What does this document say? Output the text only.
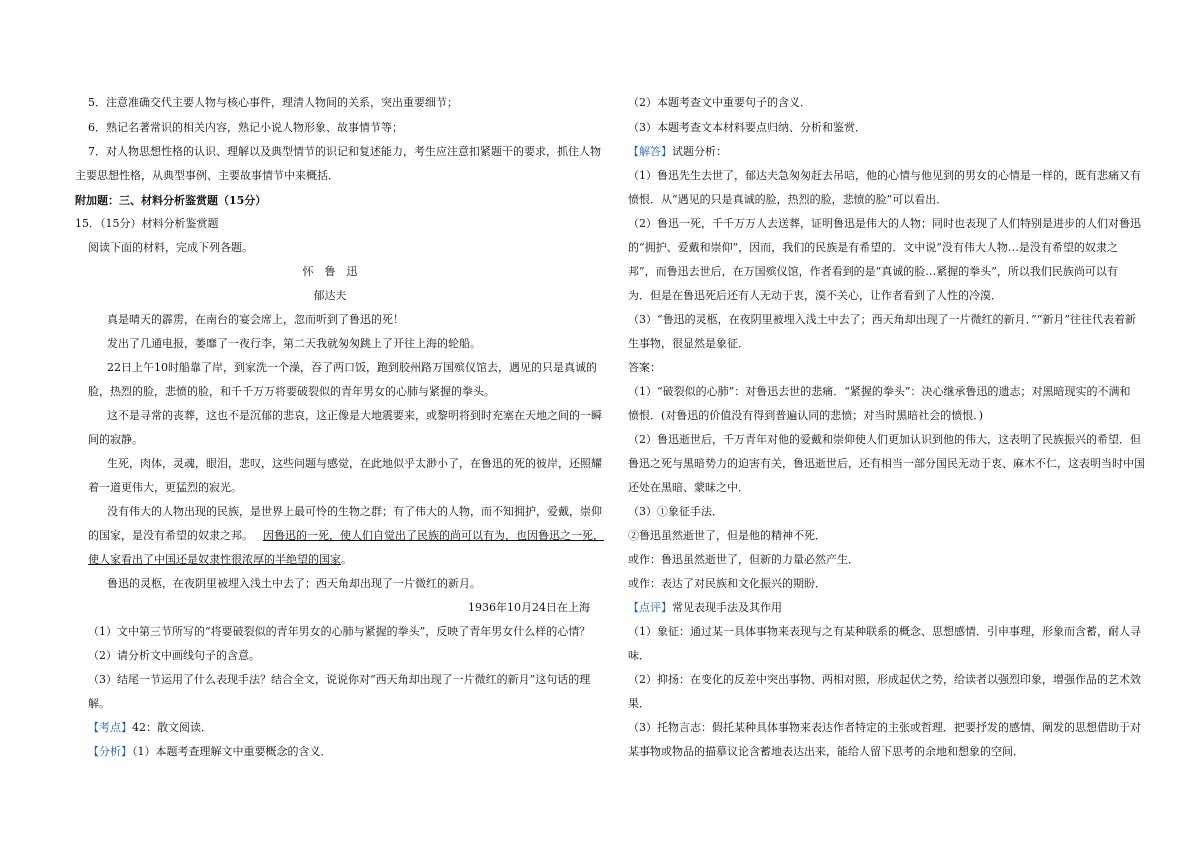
5．注意准确交代主要人物与核心事件，理清人物间的关系，突出重要细节；
6．熟记名著常识的相关内容，熟记小说人物形象、故事情节等；
7．对人物思想性格的认识、理解以及典型情节的识记和复述能力，考生应注意扣紧题干的要求，抓住人物
主要思想性格，从典型事例、主要故事情节中来概括．
附加题：三、材料分析鉴赏题（15分）
15．（15分）材料分析鉴赏题
阅读下面的材料，完成下列各题。
怀　鲁　迅
郁达夫
真是晴天的霹雳，在南台的宴会席上，忽而听到了鲁迅的死！
发出了几通电报，萎靡了一夜行李，第二天我就匆匆跳上了开往上海的轮船。
22日上午10时船靠了岸，到家洗一个澡，吞了两口饭，跑到胶州路万国殡仪馆去，遇见的只是真诚的
脸，热烈的脸，悲愤的脸，和千千万万将要破裂似的青年男女的心肺与紧握的拳头。
这不是寻常的丧葬，这也不是沉郁的悲哀，这正像是大地震要来，或黎明将到时充塞在天地之间的一瞬
间的寂静。
生死，肉体，灵魂，眼泪，悲叹，这些问题与感觉，在此地似乎太渺小了，在鲁迅的死的彼岸，还照耀
着一道更伟大，更猛烈的寂光。
没有伟大的人物出现的民族，是世界上最可怜的生物之群；有了伟大的人物，而不知拥护，爱戴，崇仰
的国家，是没有希望的奴隶之邦。 因鲁迅的一死，使人们自觉出了民族的尚可以有为，也因鲁迅之一死，
使人家看出了中国还是奴隶性很浓厚的半绝望的国家。
鲁迅的灵柩，在夜阴里被埋入浅土中去了；西天角却出现了一片微红的新月。
1936年10月24日在上海
（1）文中第三节所写的“将要破裂似的青年男女的心肺与紧握的拳头”，反映了青年男女什么样的心情？
（2）请分析文中画线句子的含意。
（3）结尾一节运用了什么表现手法？结合全文，说说你对“西天角却出现了一片微红的新月”这句话的理
解。
【考点】42：散文阅读．
【分析】（1）本题考查理解文中重要概念的含义．
（2）本题考查文中重要句子的含义．
（3）本题考查文本材料要点归纳、分析和鉴赏．
【解答】试题分析：
（1）鲁迅先生去世了，郁达夫急匆匆赶去吊唁，他的心情与他见到的男女的心情是一样的，既有悲痛又有
愤恨．从“遇见的只是真诚的脸，热烈的脸，悲愤的脸”可以看出．
（2）鲁迅一死，千千万万人去送葬，证明鲁迅是伟大的人物；同时也表现了人们特别是进步的人们对鲁迅
的“拥护、爱戴和崇仰”，因而，我们的民族是有希望的．文中说“没有伟大人物…是没有希望的奴隶之
邦”，而鲁迅去世后，在万国殡仪馆，作者看到的是“真诚的脸…紧握的拳头”，所以我们民族尚可以有
为．但是在鲁迅死后还有人无动于衷，漠不关心，让作者看到了人性的冷漠．
（3）“鲁迅的灵柩，在夜阴里被埋入浅土中去了；西天角却出现了一片微红的新月．”“新月”往往代表着新
生事物，很显然是象征．
答案：
（1）“破裂似的心肺”：对鲁迅去世的悲痛．“紧握的拳头”：决心继承鲁迅的遗志；对黑暗现实的不满和
愤恨．(对鲁迅的价值没有得到普遍认同的悲愤；对当时黑暗社会的愤恨．)
（2）鲁迅逝世后，千万青年对他的爱戴和崇仰使人们更加认识到他的伟大，这表明了民族振兴的希望．但
鲁迅之死与黑暗势力的迫害有关，鲁迅逝世后，还有相当一部分国民无动于衷、麻木不仁，这表明当时中国
还处在黑暗、蒙昧之中．
（3）①象征手法．
②鲁迅虽然逝世了，但是他的精神不死．
或作：鲁迅虽然逝世了，但新的力量必然产生．
或作：表达了对民族和文化振兴的期盼．
【点评】常见表现手法及其作用
（1）象征：通过某一具体事物来表现与之有某种联系的概念、思想感情．引申事理，形象而含蓄，耐人寻
味．
（2）抑扬：在变化的反差中突出事物、两相对照，形成起伏之势，给读者以强烈印象，增强作品的艺术效
果．
（3）托物言志：假托某种具体事物来表达作者特定的主张或哲理．把要抒发的感情、阐发的思想借助于对
某事物或物品的描摹议论含蓄地表达出来，能给人留下思考的余地和想象的空间．
